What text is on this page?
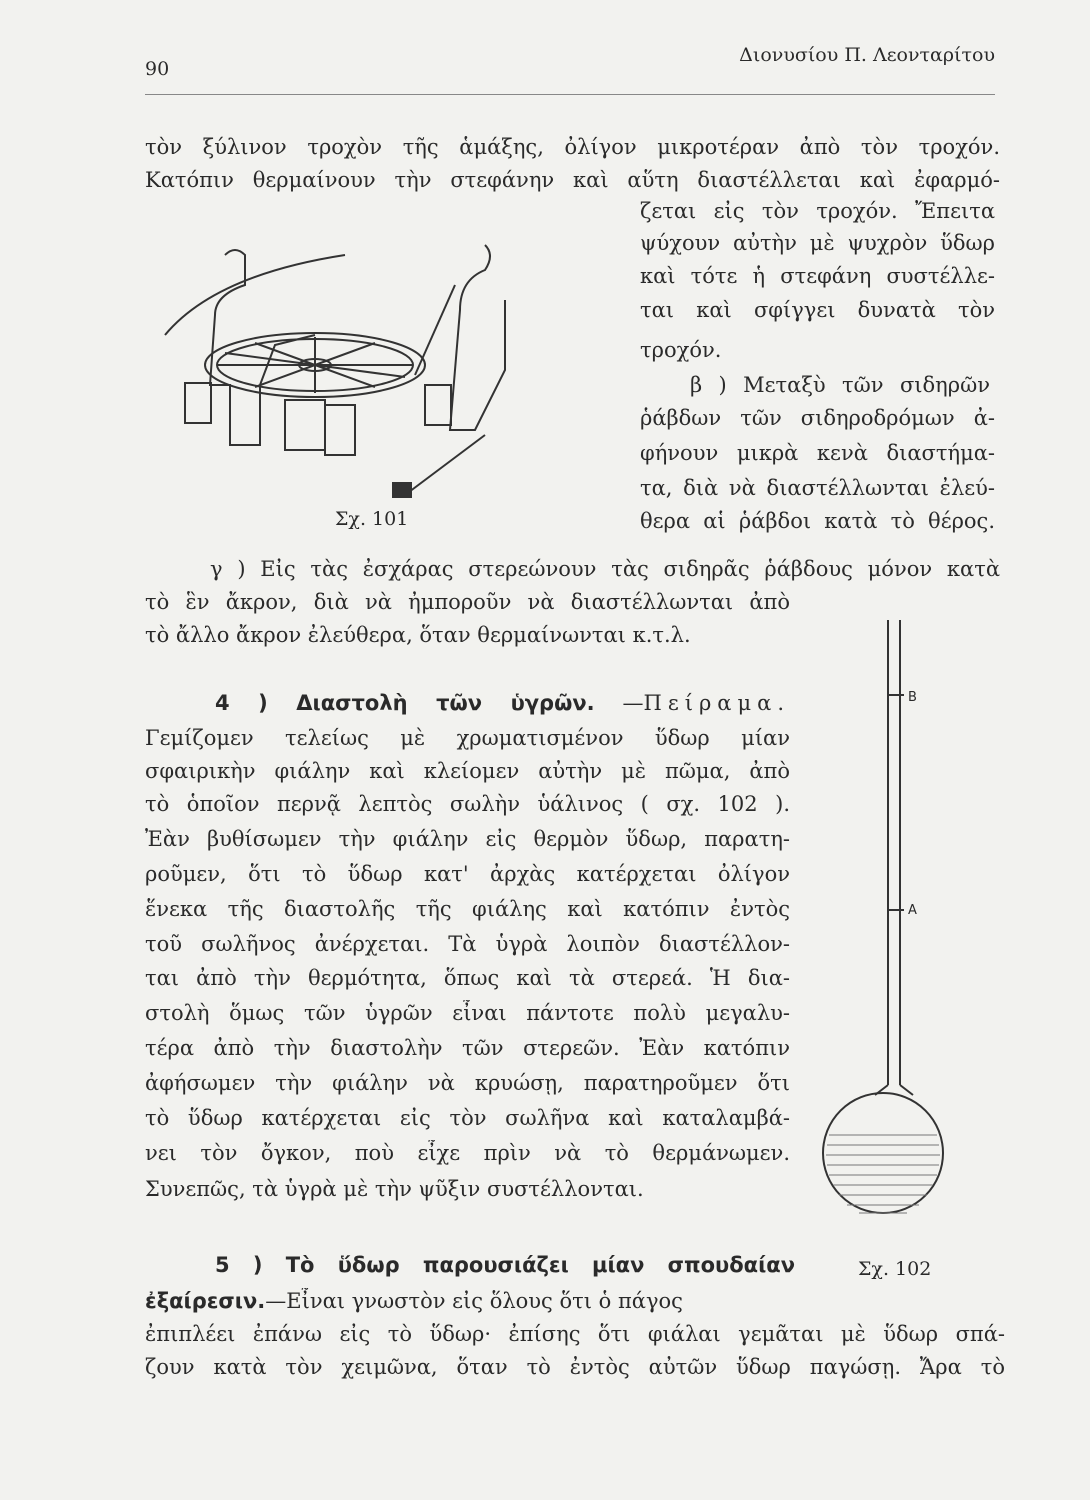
90
Διονυσίου Π. Λεονταρίτου
τὸν ξύλινον τροχὸν τῆς ἁμάξης, ὀλίγον μικροτέραν ἀπὸ τὸν τροχόν.
Κατόπιν θερμαίνουν τὴν στεφάνην καὶ αὕτη διαστέλλεται καὶ ἐφαρμό-
ζεται εἰς τὸν τροχόν. Ἔπειτα
ψύχουν αὐτὴν μὲ ψυχρὸν ὕδωρ
καὶ τότε ἡ στεφάνη συστέλλε-
ται καὶ σφίγγει δυνατὰ τὸν
τροχόν.
β ) Μεταξὺ τῶν σιδηρῶν
ῥάβδων τῶν σιδηροδρόμων ἀ-
φήνουν μικρὰ κενὰ διαστήμα-
τα, διὰ νὰ διαστέλλωνται ἐλεύ-
θερα αἱ ῥάβδοι κατὰ τὸ θέρος.
γ ) Εἰς τὰς ἐσχάρας στερεώνουν τὰς σιδηρᾶς ῥάβδους μόνον κατὰ
τὸ ἓν ἄκρον, διὰ νὰ ἠμποροῦν νὰ διαστέλλωνται ἀπὸ
τὸ ἄλλο ἄκρον ἐλεύθερα, ὅταν θερμαίνωνται κ.τ.λ.
Γεμίζομεν τελείως μὲ χρωματισμένον ὕδωρ μίαν
σφαιρικὴν φιάλην καὶ κλείομεν αὐτὴν μὲ πῶμα, ἀπὸ
τὸ ὁποῖον περνᾷ λεπτὸς σωλὴν ὑάλινος ( σχ. 102 ).
Ἐὰν βυθίσωμεν τὴν φιάλην εἰς θερμὸν ὕδωρ, παρατη-
ροῦμεν, ὅτι τὸ ὕδωρ κατ' ἀρχὰς κατέρχεται ὀλίγον
ἕνεκα τῆς διαστολῆς τῆς φιάλης καὶ κατόπιν ἐντὸς
τοῦ σωλῆνος ἀνέρχεται. Τὰ ὑγρὰ λοιπὸν διαστέλλον-
ται ἀπὸ τὴν θερμότητα, ὅπως καὶ τὰ στερεά. Ἡ δια-
στολὴ ὅμως τῶν ὑγρῶν εἶναι πάντοτε πολὺ μεγαλυ-
τέρα ἀπὸ τὴν διαστολὴν τῶν στερεῶν. Ἐὰν κατόπιν
ἀφήσωμεν τὴν φιάλην νὰ κρυώσῃ, παρατηροῦμεν ὅτι
τὸ ὕδωρ κατέρχεται εἰς τὸν σωλῆνα καὶ καταλαμβά-
νει τὸν ὄγκον, ποὺ εἶχε πρὶν νὰ τὸ θερμάνωμεν.
Συνεπῶς, τὰ ὑγρὰ μὲ τὴν ψῦξιν συστέλλονται.
ἐπιπλέει ἐπάνω εἰς τὸ ὕδωρ· ἐπίσης ὅτι φιάλαι γεμᾶται μὲ ὕδωρ σπά-
ζουν κατὰ τὸν χειμῶνα, ὅταν τὸ ἐντὸς αὐτῶν ὕδωρ παγώσῃ. Ἄρα τὸ
Σχ. 101
B
A
Σχ. 102
4 ) Διαστολὴ τῶν ὑγρῶν. —Πείραμα.
5 ) Τὸ ὕδωρ παρουσιάζει μίαν σπουδαίαν
ἐξαίρεσιν.—Εἶναι γνωστὸν εἰς ὅλους ὅτι ὁ πάγος
